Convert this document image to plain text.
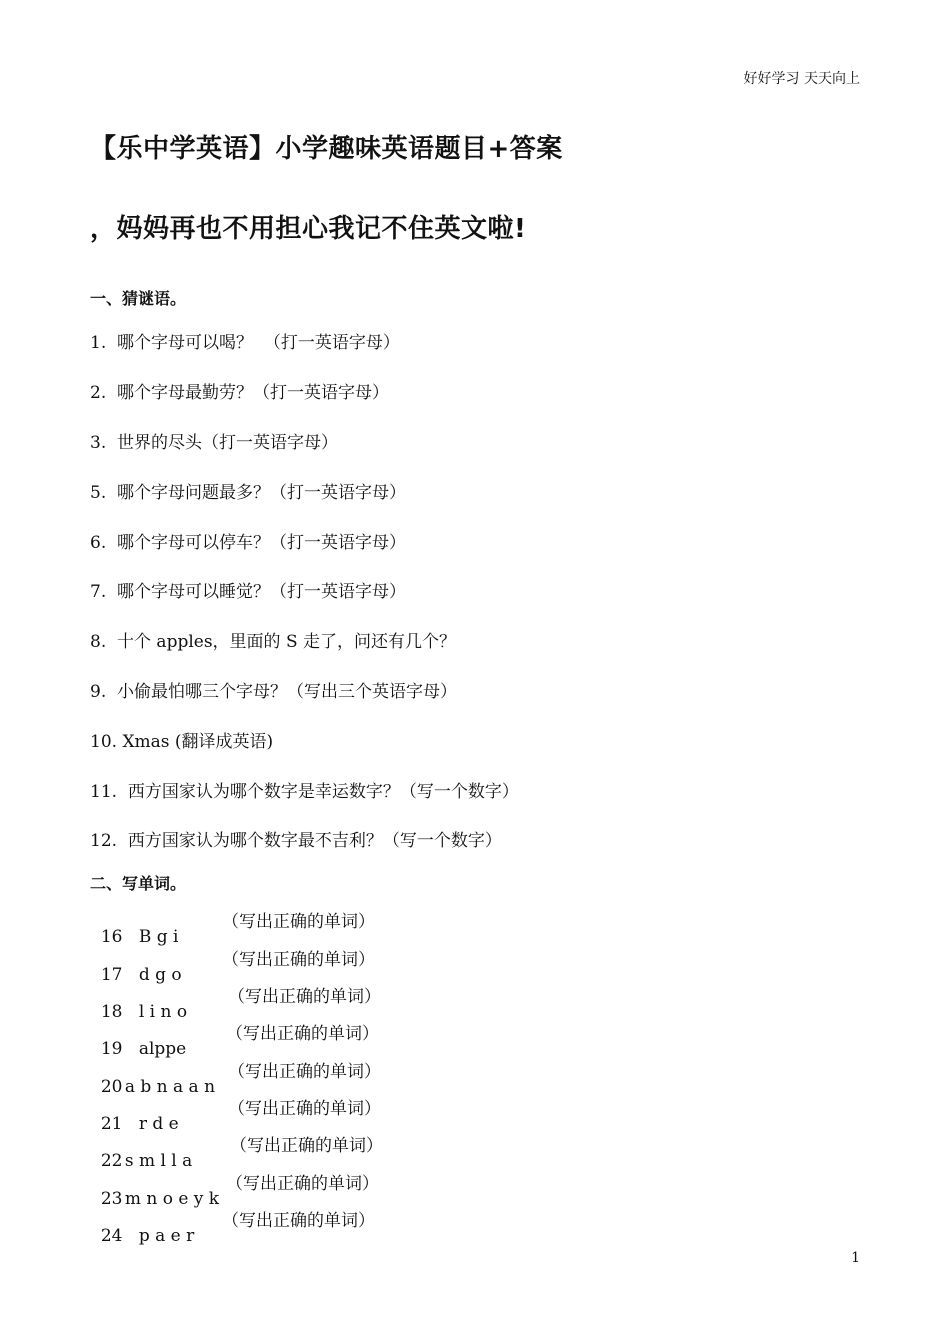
好好学习 天天向上
【乐中学英语】小学趣味英语题目+答案
，妈妈再也不用担心我记不住英文啦!
一、猜谜语。
1.  哪个字母可以喝？  （打一英语字母）
2.  哪个字母最勤劳？（打一英语字母）
3.  世界的尽头（打一英语字母）
5.  哪个字母问题最多？（打一英语字母）
6.  哪个字母可以停车？（打一英语字母）
7.  哪个字母可以睡觉？（打一英语字母）
8.  十个 apples，里面的 S 走了，问还有几个？
9.  小偷最怕哪三个字母？（写出三个英语字母）
10. Xmas (翻译成英语)
11.  西方国家认为哪个数字是幸运数字？（写一个数字）
12.  西方国家认为哪个数字最不吉利？（写一个数字）
二、写单词。

16 B g i
（写出正确的单词）

17 d g o
（写出正确的单词）

18 l i n o
（写出正确的单词）

19 alppe
（写出正确的单词）

20 a b n a a n
（写出正确的单词）

21 r d e
（写出正确的单词）

22 s m l l a
（写出正确的单词）

23 m n o e y k
（写出正确的单词）

24 p a e r
（写出正确的单词）

1
